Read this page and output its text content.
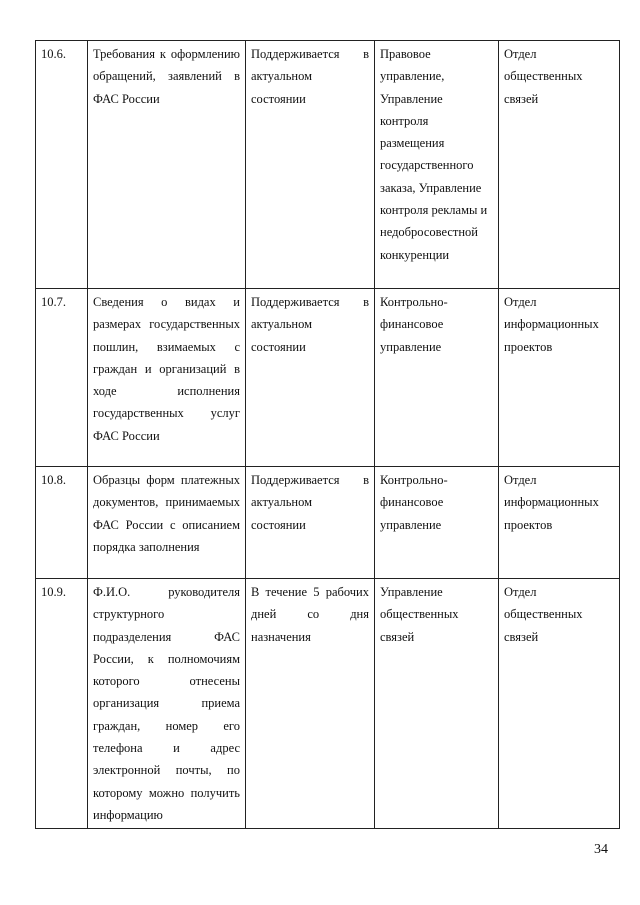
10.6.	Требования к оформлению обращений, заявлений в ФАС России	Поддерживается в актуальном состоянии	Правовое управление, Управление контроля размещения государственного заказа, Управление контроля рекламы и недобросовестной конкуренции	Отдел общественных связей
10.7.	Сведения о видах и размерах государственных пошлин, взимаемых с граждан и организаций в ходе исполнения государственных услуг ФАС России	Поддерживается в актуальном состоянии	Контрольно-финансовое управление	Отдел информационных проектов
10.8.	Образцы форм платежных документов, принимаемых ФАС России с описанием порядка заполнения	Поддерживается в актуальном состоянии	Контрольно-финансовое управление	Отдел информационных проектов
10.9.	Ф.И.О. руководителя структурного подразделения ФАС России, к полномочиям которого отнесены организация приема граждан, номер его телефона и адрес электронной почты, по которому можно получить информацию	В течение 5 рабочих дней со дня назначения	Управление общественных связей	Отдел общественных связей
34
